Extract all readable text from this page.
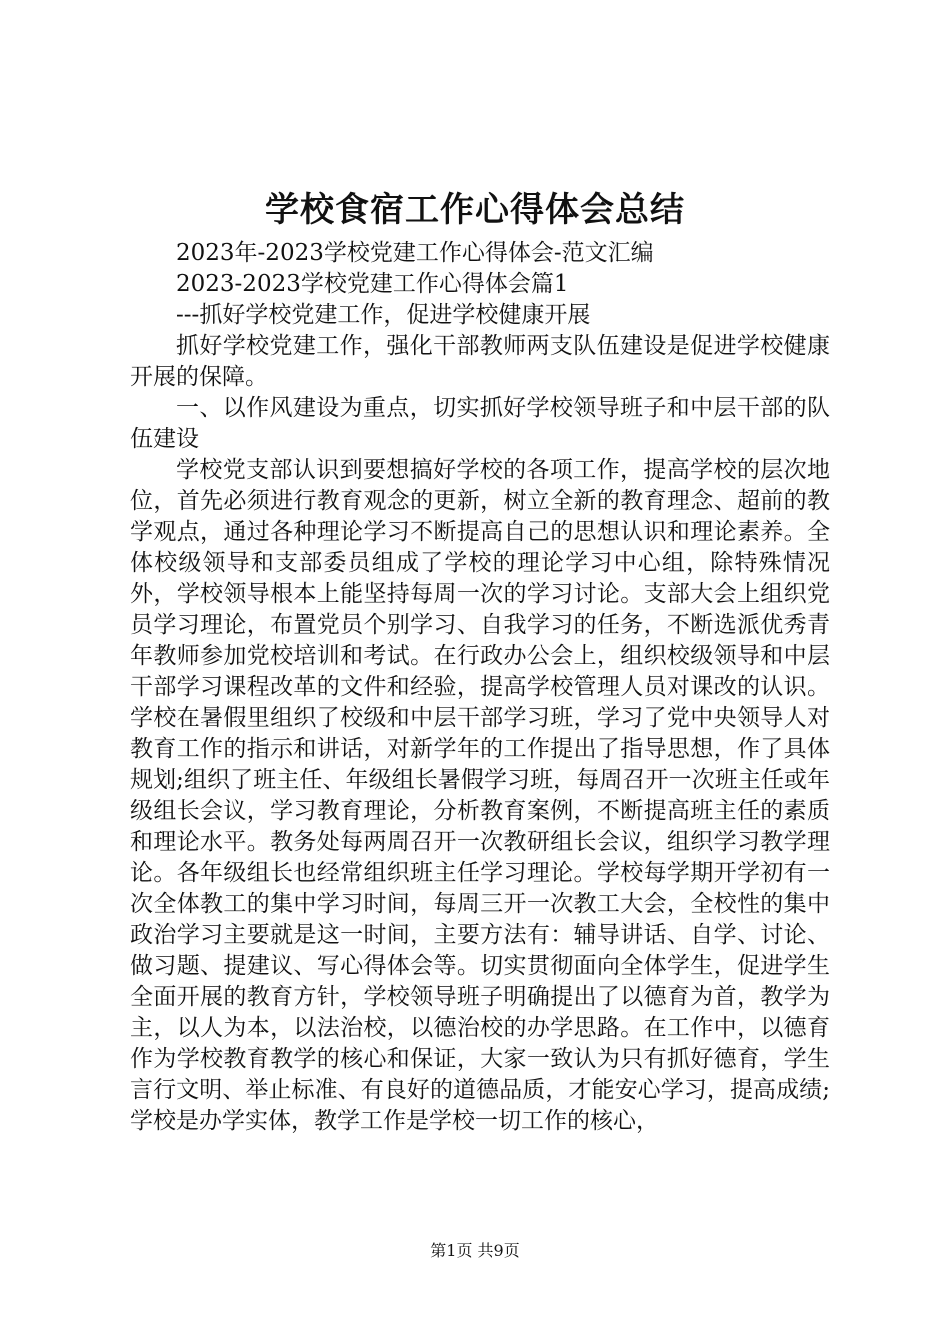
学校食宿工作心得体会总结

2023年-2023学校党建工作心得体会-范文汇编

2023-2023学校党建工作心得体会篇1

---抓好学校党建工作，促进学校健康开展

抓好学校党建工作，强化干部教师两支队伍建设是促进学校健康开展的保障。

一、以作风建设为重点，切实抓好学校领导班子和中层干部的队伍建设

学校党支部认识到要想搞好学校的各项工作，提高学校的层次地位，首先必须进行教育观念的更新，树立全新的教育理念、超前的教学观点，通过各种理论学习不断提高自己的思想认识和理论素养。全体校级领导和支部委员组成了学校的理论学习中心组，除特殊情况外，学校领导根本上能坚持每周一次的学习讨论。支部大会上组织党员学习理论，布置党员个别学习、自我学习的任务，不断选派优秀青年教师参加党校培训和考试。在行政办公会上，组织校级领导和中层干部学习课程改革的文件和经验，提高学校管理人员对课改的认识。学校在暑假里组织了校级和中层干部学习班，学习了党中央领导人对教育工作的指示和讲话，对新学年的工作提出了指导思想，作了具体规划;组织了班主任、年级组长暑假学习班，每周召开一次班主任或年级组长会议，学习教育理论，分析教育案例，不断提高班主任的素质和理论水平。教务处每两周召开一次教研组长会议，组织学习教学理论。各年级组长也经常组织班主任学习理论。学校每学期开学初有一次全体教工的集中学习时间，每周三开一次教工大会，全校性的集中政治学习主要就是这一时间，主要方法有：辅导讲话、自学、讨论、做习题、提建议、写心得体会等。切实贯彻面向全体学生，促进学生全面开展的教育方针，学校领导班子明确提出了以德育为首，教学为主，以人为本，以法治校，以德治校的办学思路。在工作中，以德育作为学校教育教学的核心和保证，大家一致认为只有抓好德育，学生言行文明、举止标准、有良好的道德品质，才能安心学习，提高成绩;学校是办学实体，教学工作是学校一切工作的核心，

第1页 共9页
